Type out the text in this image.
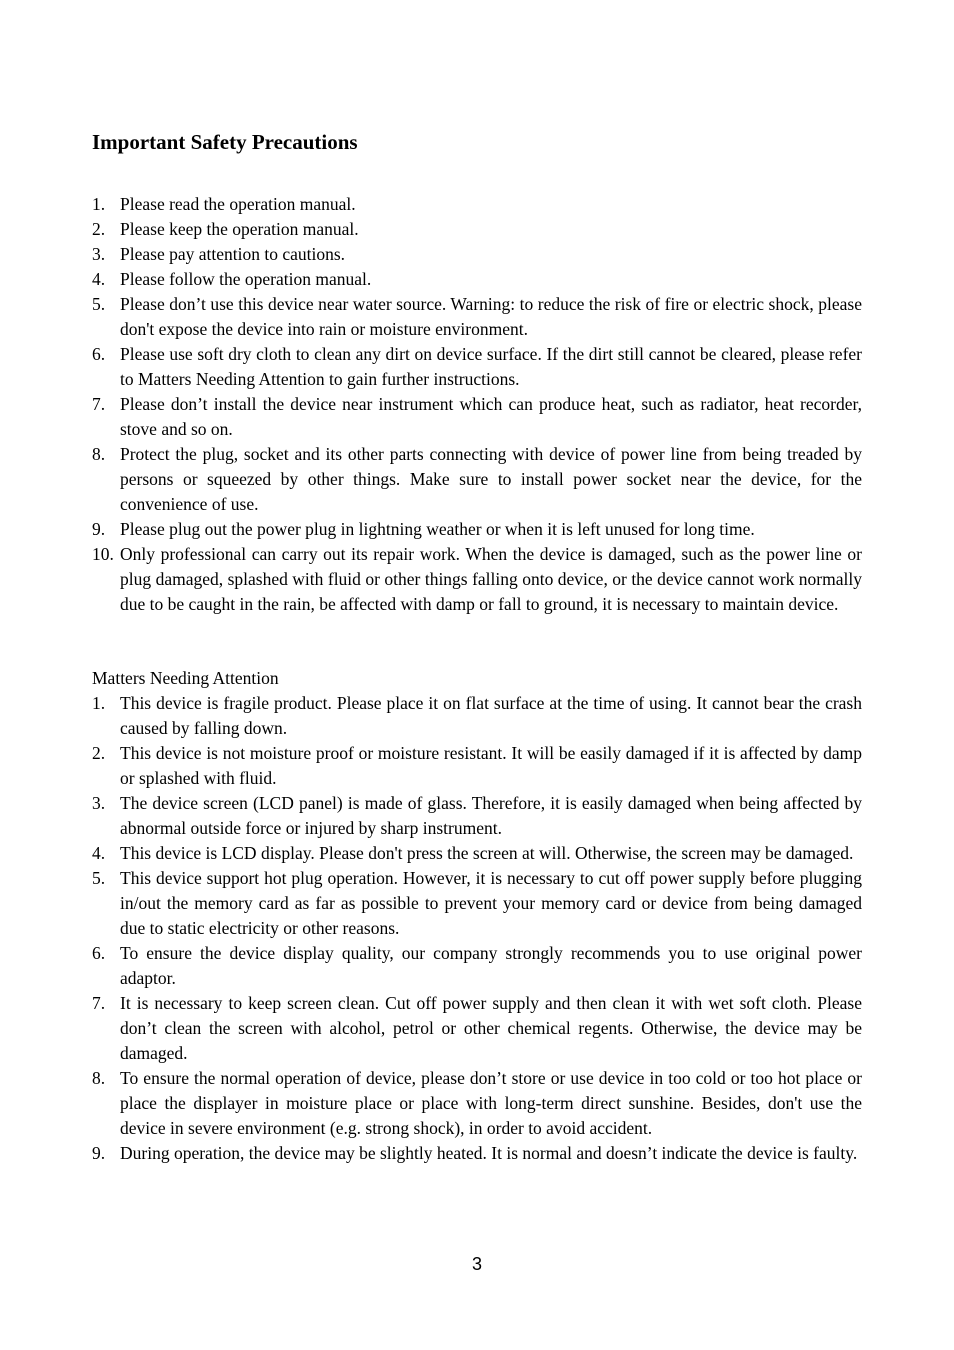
Important Safety Precautions
1. Please read the operation manual.
2. Please keep the operation manual.
3. Please pay attention to cautions.
4. Please follow the operation manual.
5. Please don’t use this device near water source. Warning: to reduce the risk of fire or electric shock, please don't expose the device into rain or moisture environment.
6. Please use soft dry cloth to clean any dirt on device surface. If the dirt still cannot be cleared, please refer to Matters Needing Attention to gain further instructions.
7. Please don’t install the device near instrument which can produce heat, such as radiator, heat recorder, stove and so on.
8. Protect the plug, socket and its other parts connecting with device of power line from being treaded by persons or squeezed by other things. Make sure to install power socket near the device, for the convenience of use.
9. Please plug out the power plug in lightning weather or when it is left unused for long time.
10. Only professional can carry out its repair work. When the device is damaged, such as the power line or plug damaged, splashed with fluid or other things falling onto device, or the device cannot work normally due to be caught in the rain, be affected with damp or fall to ground, it is necessary to maintain device.
Matters Needing Attention
1. This device is fragile product. Please place it on flat surface at the time of using. It cannot bear the crash caused by falling down.
2. This device is not moisture proof or moisture resistant. It will be easily damaged if it is affected by damp or splashed with fluid.
3. The device screen (LCD panel) is made of glass. Therefore, it is easily damaged when being affected by abnormal outside force or injured by sharp instrument.
4. This device is LCD display. Please don't press the screen at will. Otherwise, the screen may be damaged.
5. This device support hot plug operation. However, it is necessary to cut off power supply before plugging in/out the memory card as far as possible to prevent your memory card or device from being damaged due to static electricity or other reasons.
6. To ensure the device display quality, our company strongly recommends you to use original power adaptor.
7. It is necessary to keep screen clean. Cut off power supply and then clean it with wet soft cloth. Please don’t clean the screen with alcohol, petrol or other chemical regents. Otherwise, the device may be damaged.
8. To ensure the normal operation of device, please don’t store or use device in too cold or too hot place or place the displayer in moisture place or place with long-term direct sunshine. Besides, don't use the device in severe environment (e.g. strong shock), in order to avoid accident.
9. During operation, the device may be slightly heated. It is normal and doesn’t indicate the device is faulty.
3
